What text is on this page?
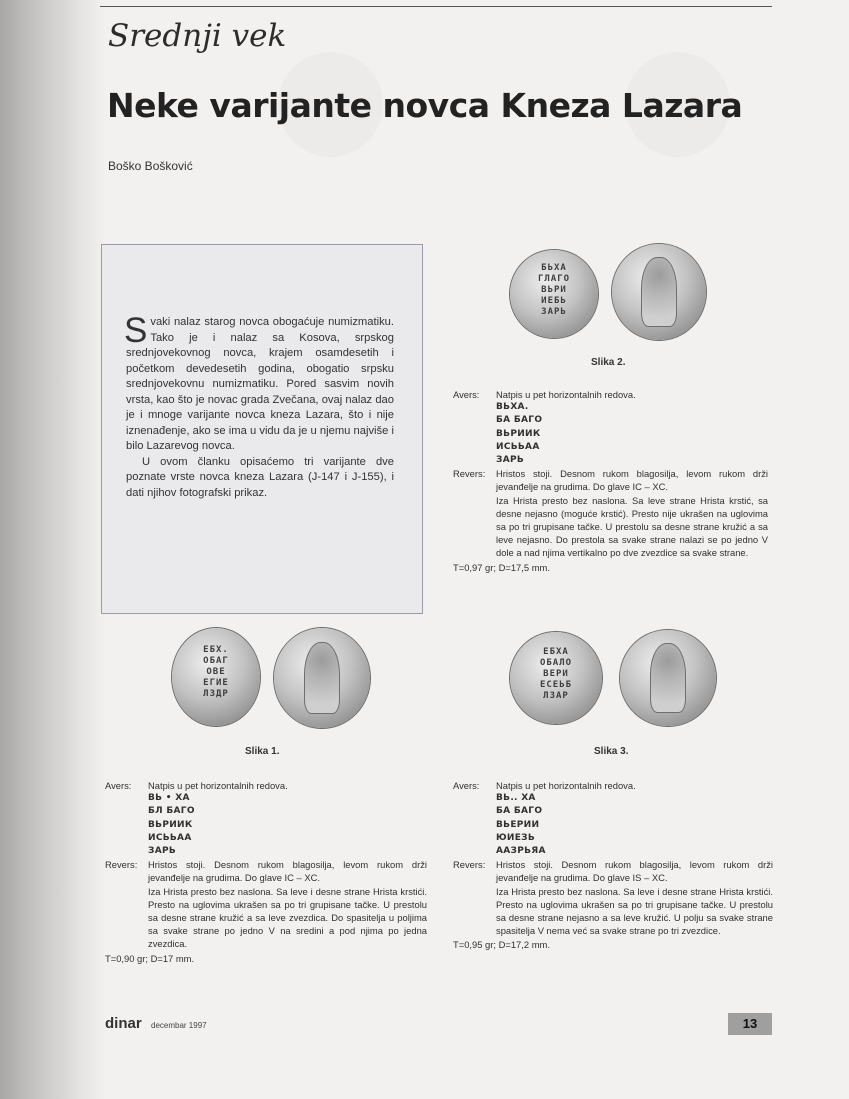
Srednji vek
Neke varijante novca Kneza Lazara
Boško Bošković

Svaki nalaz starog novca obogaćuje numizmatiku. Tako je i nalaz sa Kosova, srpskog srednjovekovnog novca, krajem osamdesetih i početkom devedesetih godina, obogatio srpsku srednjovekovnu numizmatiku. Pored sasvim novih vrsta, kao što je novac grada Zvečana, ovaj nalaz dao je i mnoge varijante novca kneza Lazara, što i nije iznenađenje, ako se ima u vidu da je u njemu najviše i bilo Lazarevog novca.

U ovom članku opisaćemo tri varijante dve poznate vrste novca kneza Lazara (J-147 i J-155), i dati njihov fotografski prikaz.

БЬХА
ГЛАГО
ВЬРИ
ИЕБЬ
ЗАРЬ
Slika 2.
Avers: Natpis u pet horizontalnih redova.
ВЬХА.
БА БАГО
ВЬРИИК
ИСЬЬАА
ЗАРЬ
Revers: Hristos stoji. Desnom rukom blagosilja, levom rukom drži jevanđelje na grudima. Do glave IC – XC.
Iza Hrista presto bez naslona. Sa leve strane Hrista krstić, sa desne nejasno (moguće krstić). Presto nije ukrašen na uglovima sa po tri grupisane tačke. U prestolu sa desne strane kružić a sa leve nejasno. Do prestola sa svake strane nalazi se po jedno V dole a nad njima vertikalno po dve zvezdice sa svake strane.
T=0,97 gr; D=17,5 mm.
ЕБХ.
ОБАГ
ОВЕ
ЕГИЕ
ЛЗДР
Slika 1.
Avers: Natpis u pet horizontalnih redova.
ВЬ • ХА
БЛ БАГО
ВЬРИИК
ИСЬЬАА
ЗАРЬ
Revers: Hristos stoji. Desnom rukom blagosilja, levom rukom drži jevanđelje na grudima. Do glave IC – XC.
Iza Hrista presto bez naslona. Sa leve i desne strane Hrista krstići. Presto na uglovima ukrašen sa po tri grupisane tačke. U prestolu sa desne strane kružić a sa leve zvezdica. Do spasitelja u poljima sa svake strane po jedno V na sredini a pod njima po jedna zvezdica.
T=0,90 gr; D=17 mm.
ЕБХА
ОБАЛО
ВЕРИ
ЕСЕЬБ
ЛЗАР
Slika 3.
Avers: Natpis u pet horizontalnih redova.
ВЬ.. ХА
БА БАГО
ВЬЕРИИ
ЮИЕЗЬ
ААЗРЬЯА
Revers: Hristos stoji. Desnom rukom blagosilja, levom rukom drži jevanđelje na grudima. Do glave IS – XC.
Iza Hrista presto bez naslona. Sa leve i desne strane Hrista krstići. Presto na uglovima ukrašen sa po tri grupisane tačke. U prestolu sa desne strane nejasno a sa leve kružić. U polju sa svake strane spasitelja V nema već sa svake strane po tri zvezdice.
T=0,95 gr; D=17,2 mm.
dinar decembar 1997	13
